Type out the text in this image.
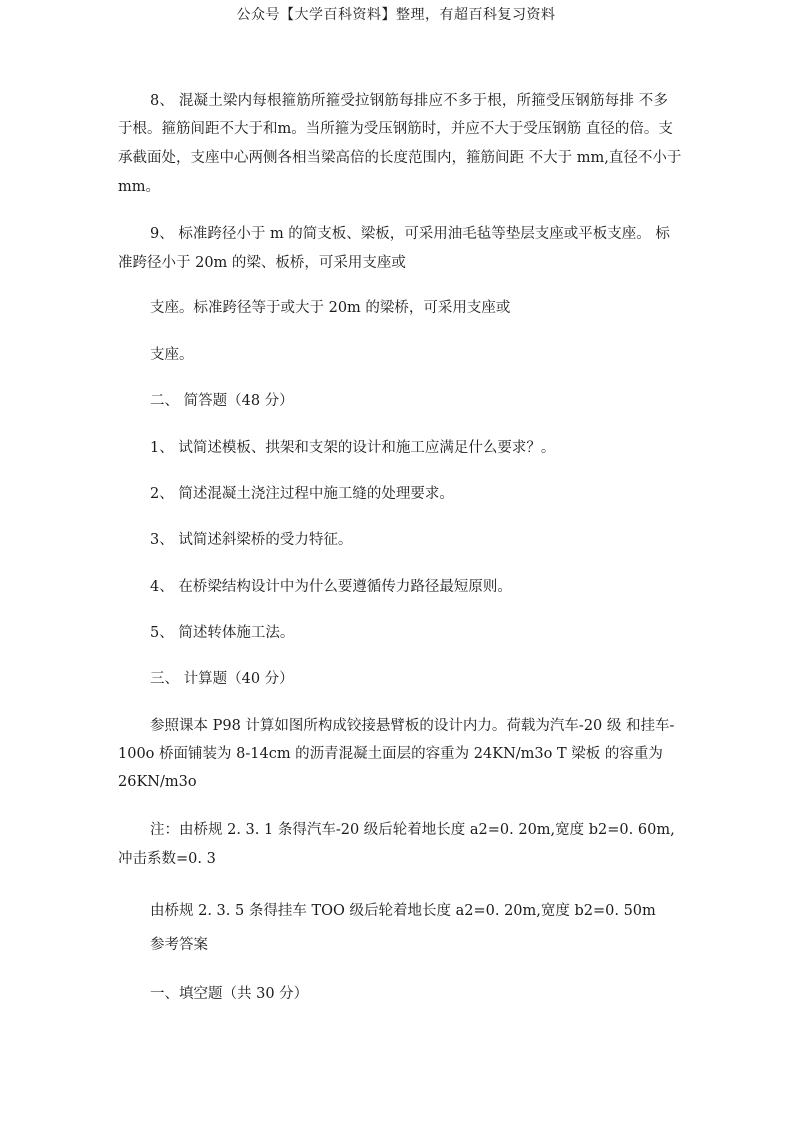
公众号【大学百科资料】整理，有超百科复习资料
8、 混凝土梁内每根箍筋所箍受拉钢筋每排应不多于根，所箍受压钢筋每排 不多
于根。箍筋间距不大于和m。当所箍为受压钢筋时，并应不大于受压钢筋 直径的倍。支
承截面处，支座中心两侧各相当梁高倍的长度范围内，箍筋间距 不大于 mm,直径不小于
mm。
9、 标准跨径小于 m 的简支板、梁板，可采用油毛毡等垫层支座或平板支座。 标
准跨径小于 20m 的梁、板桥，可采用支座或
支座。标准跨径等于或大于 20m 的梁桥，可采用支座或
支座。
二、 简答题（48 分）
1、 试简述模板、拱架和支架的设计和施工应满足什么要求？。
2、 简述混凝土浇注过程中施工缝的处理要求。
3、 试简述斜梁桥的受力特征。
4、 在桥梁结构设计中为什么要遵循传力路径最短原则。
5、 简述转体施工法。
三、 计算题（40 分）
参照课本 P98 计算如图所构成铰接悬臂板的设计内力。荷载为汽车-20 级 和挂车-
100o 桥面铺装为 8-14cm 的沥青混凝土面层的容重为 24KN/m3o T 梁板 的容重为
26KN/m3o
注：由桥规 2. 3. 1 条得汽车-20 级后轮着地长度 a2=0. 20m,宽度 b2=0. 60m,
冲击系数=0. 3
由桥规 2. 3. 5 条得挂车 TOO 级后轮着地长度 a2=0. 20m,宽度 b2=0. 50m
参考答案
一、填空题（共 30 分）
